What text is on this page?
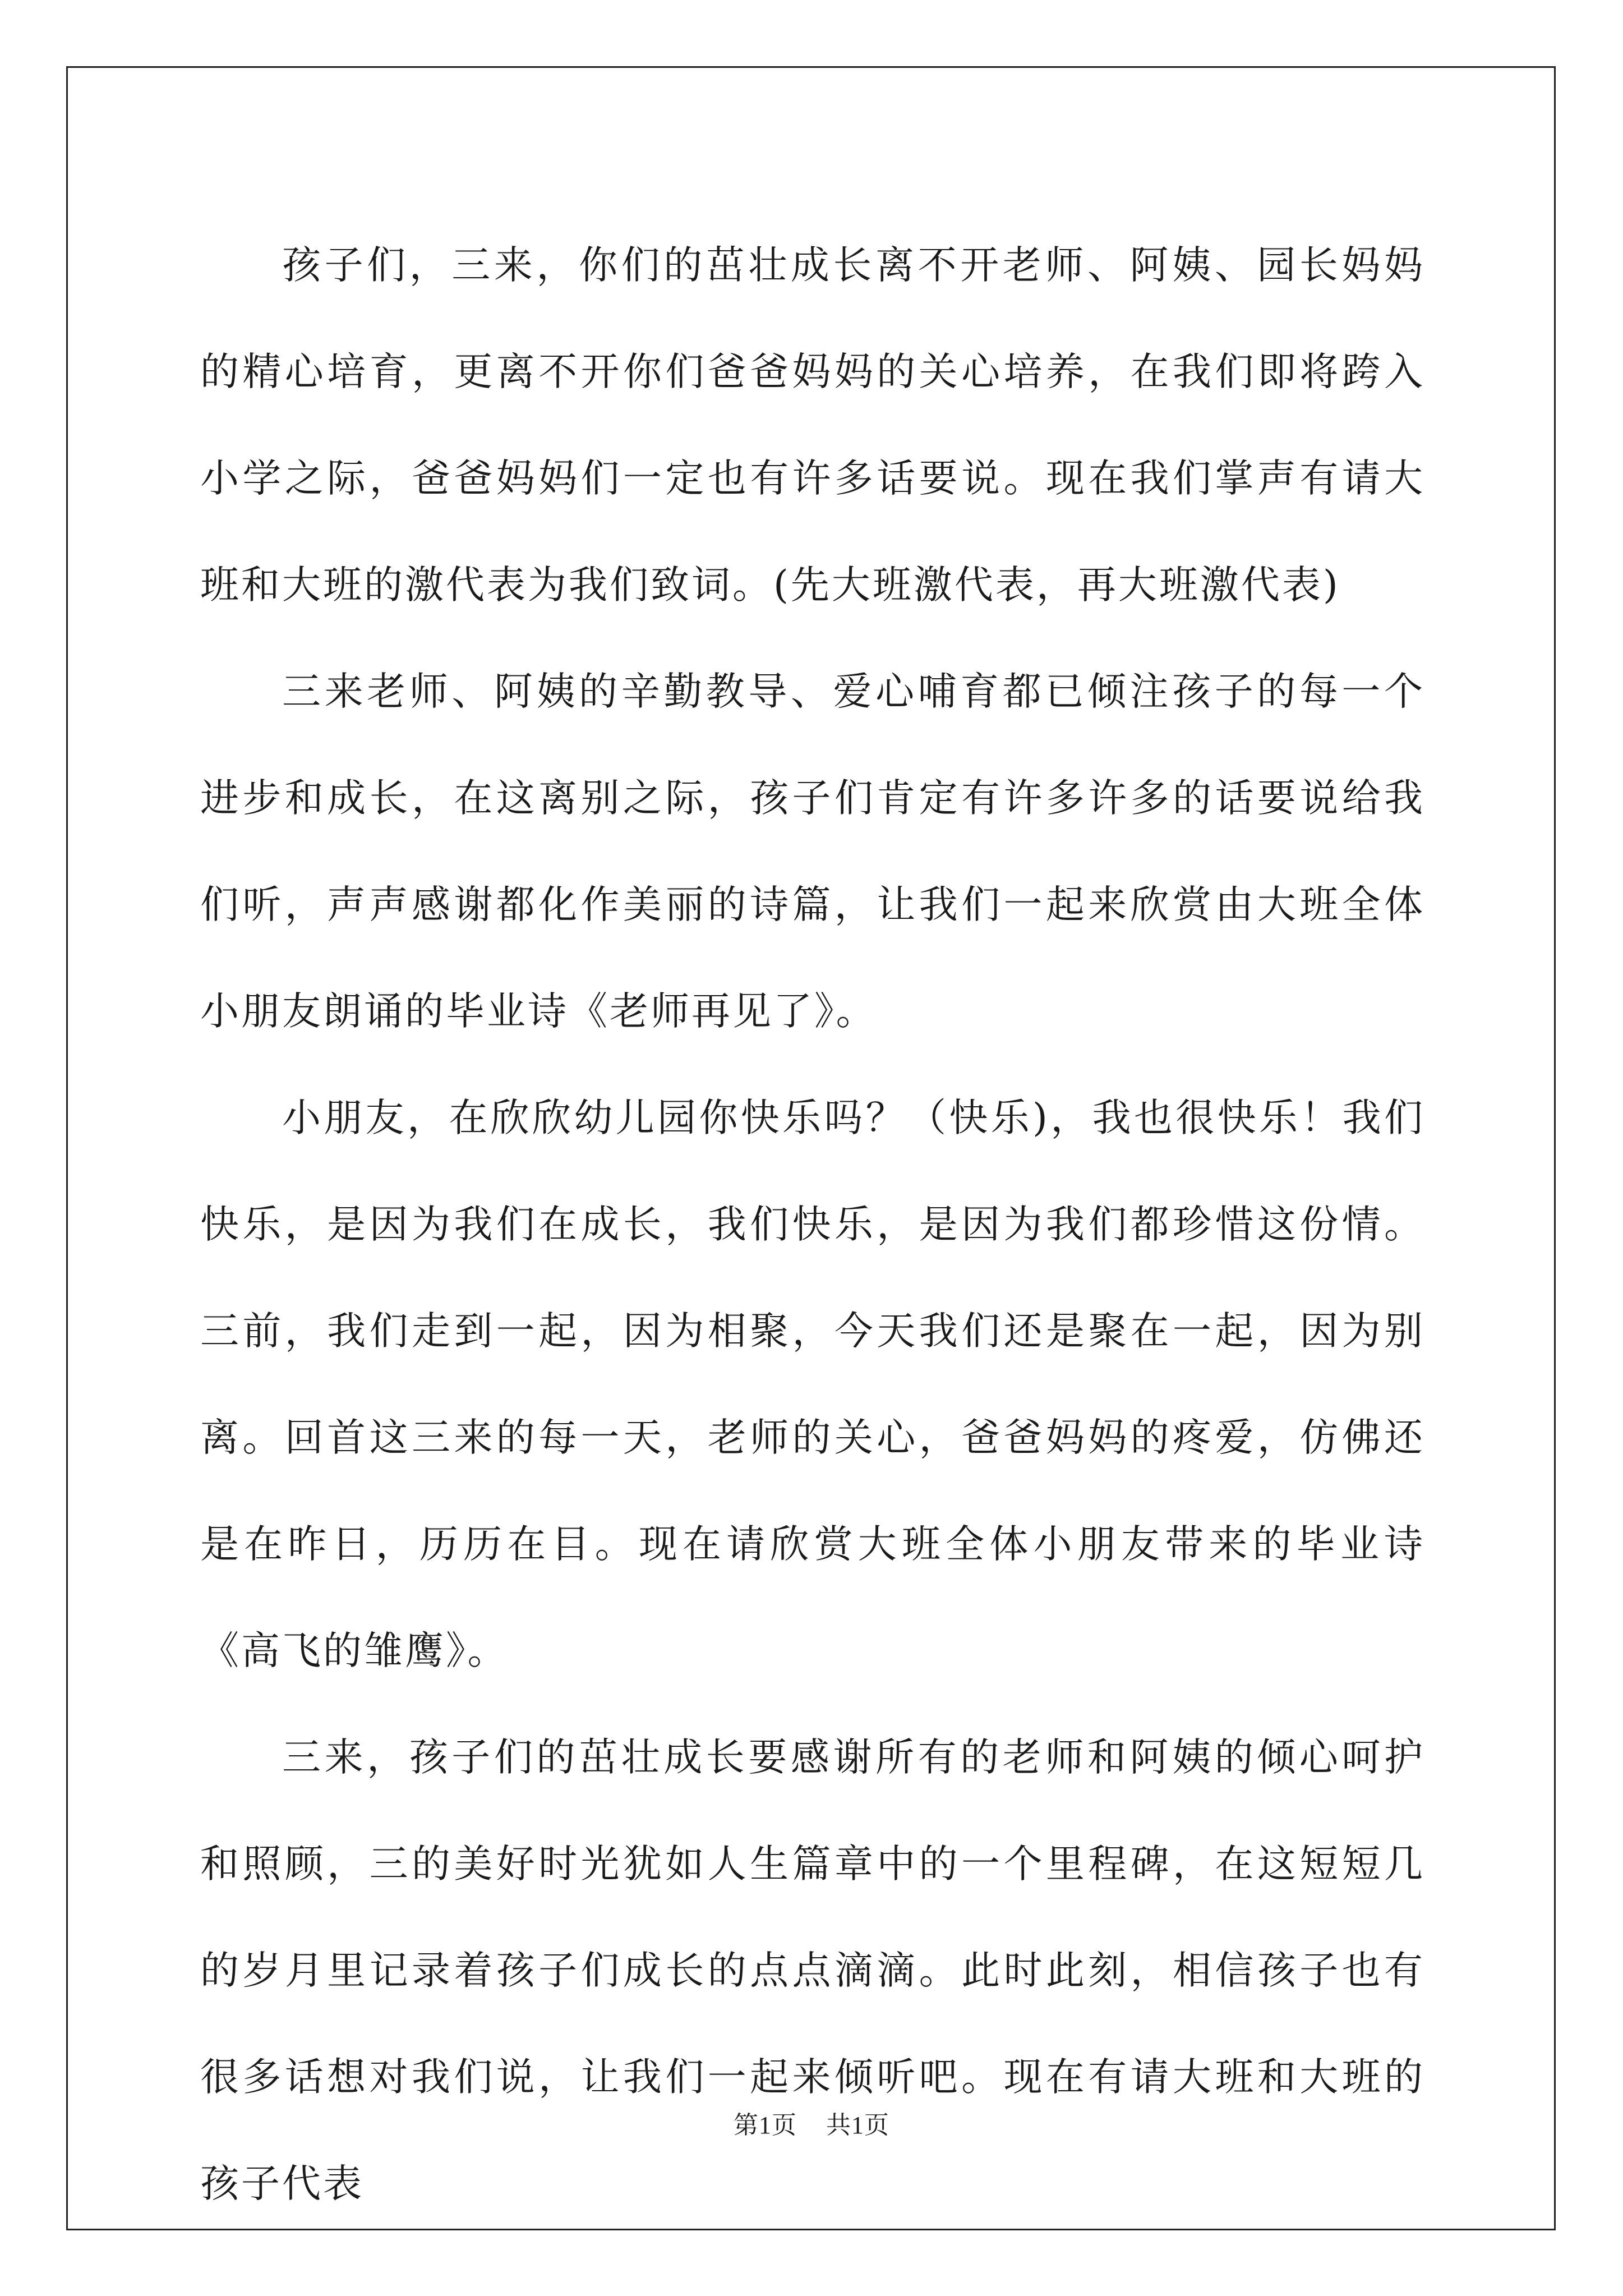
孩子们，三来，你们的茁壮成长离不开老师、阿姨、园长妈妈的精心培育，更离不开你们爸爸妈妈的关心培养，在我们即将跨入小学之际，爸爸妈妈们一定也有许多话要说。现在我们掌声有请大班和大班的激代表为我们致词。(先大班激代表，再大班激代表)

三来老师、阿姨的辛勤教导、爱心哺育都已倾注孩子的每一个进步和成长，在这离别之际，孩子们肯定有许多许多的话要说给我们听，声声感谢都化作美丽的诗篇，让我们一起来欣赏由大班全体小朋友朗诵的毕业诗《老师再见了》。

小朋友，在欣欣幼儿园你快乐吗？（快乐)，我也很快乐！我们快乐，是因为我们在成长，我们快乐，是因为我们都珍惜这份情。三前，我们走到一起，因为相聚，今天我们还是聚在一起，因为别离。回首这三来的每一天，老师的关心，爸爸妈妈的疼爱，仿佛还是在昨日，历历在目。现在请欣赏大班全体小朋友带来的毕业诗《高飞的雏鹰》。

三来，孩子们的茁壮成长要感谢所有的老师和阿姨的倾心呵护和照顾，三的美好时光犹如人生篇章中的一个里程碑，在这短短几的岁月里记录着孩子们成长的点点滴滴。此时此刻，相信孩子也有很多话想对我们说，让我们一起来倾听吧。现在有请大班和大班的孩子代表

第1页 共1页
